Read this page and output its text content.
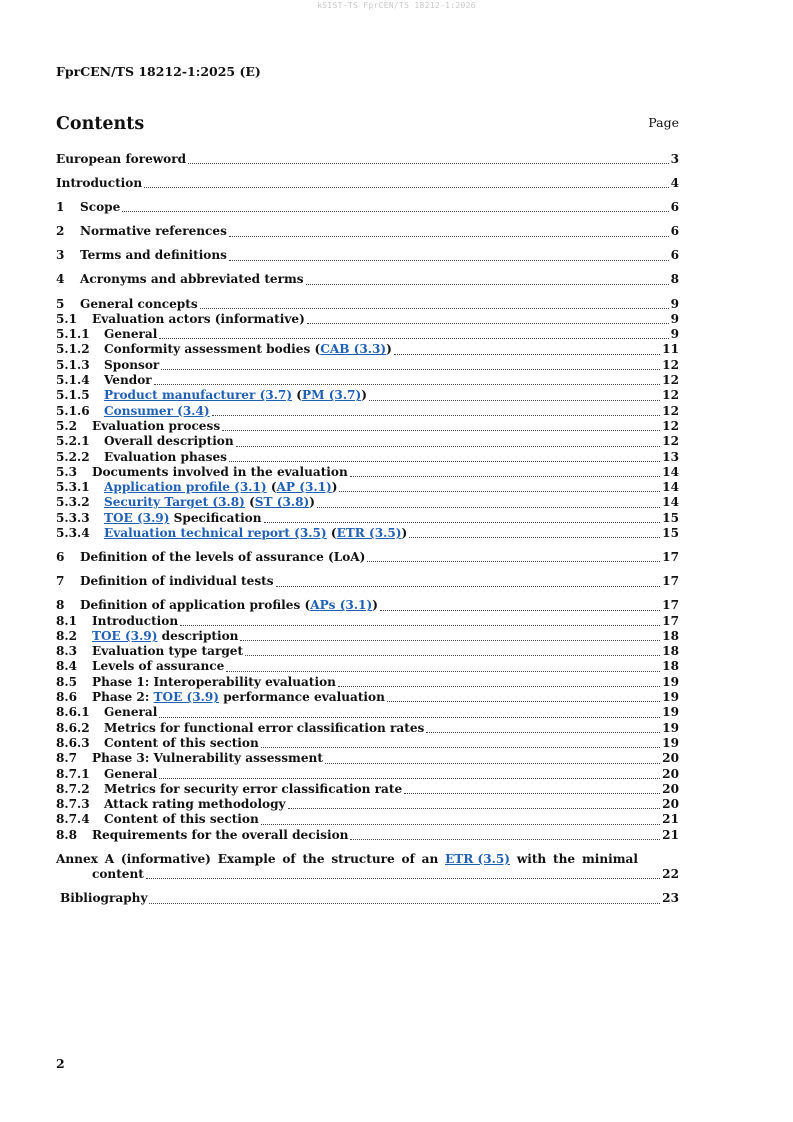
kSIST-TS FprCEN/TS 18212-1:2026
FprCEN/TS 18212-1:2025 (E)
Contents	Page
European foreword	3
Introduction	4
1	Scope	6
2	Normative references	6
3	Terms and definitions	6
4	Acronyms and abbreviated terms	8
5	General concepts	9
5.1	Evaluation actors (informative)	9
5.1.1	General	9
5.1.2	Conformity assessment bodies (CAB (3.3))	11
5.1.3	Sponsor	12
5.1.4	Vendor	12
5.1.5	Product manufacturer (3.7) (PM (3.7))	12
5.1.6	Consumer (3.4)	12
5.2	Evaluation process	12
5.2.1	Overall description	12
5.2.2	Evaluation phases	13
5.3	Documents involved in the evaluation	14
5.3.1	Application profile (3.1) (AP (3.1))	14
5.3.2	Security Target (3.8) (ST (3.8))	14
5.3.3	TOE (3.9) Specification	15
5.3.4	Evaluation technical report (3.5) (ETR (3.5))	15
6	Definition of the levels of assurance (LoA)	17
7	Definition of individual tests	17
8	Definition of application profiles (APs (3.1))	17
8.1	Introduction	17
8.2	TOE (3.9) description	18
8.3	Evaluation type target	18
8.4	Levels of assurance	18
8.5	Phase 1: Interoperability evaluation	19
8.6	Phase 2: TOE (3.9) performance evaluation	19
8.6.1	General	19
8.6.2	Metrics for functional error classification rates	19
8.6.3	Content of this section	19
8.7	Phase 3: Vulnerability assessment	20
8.7.1	General	20
8.7.2	Metrics for security error classification rate	20
8.7.3	Attack rating methodology	20
8.7.4	Content of this section	21
8.8	Requirements for the overall decision	21
Annex A (informative) Example of the structure of an ETR (3.5) with the minimal
content	22
Bibliography	23
2
